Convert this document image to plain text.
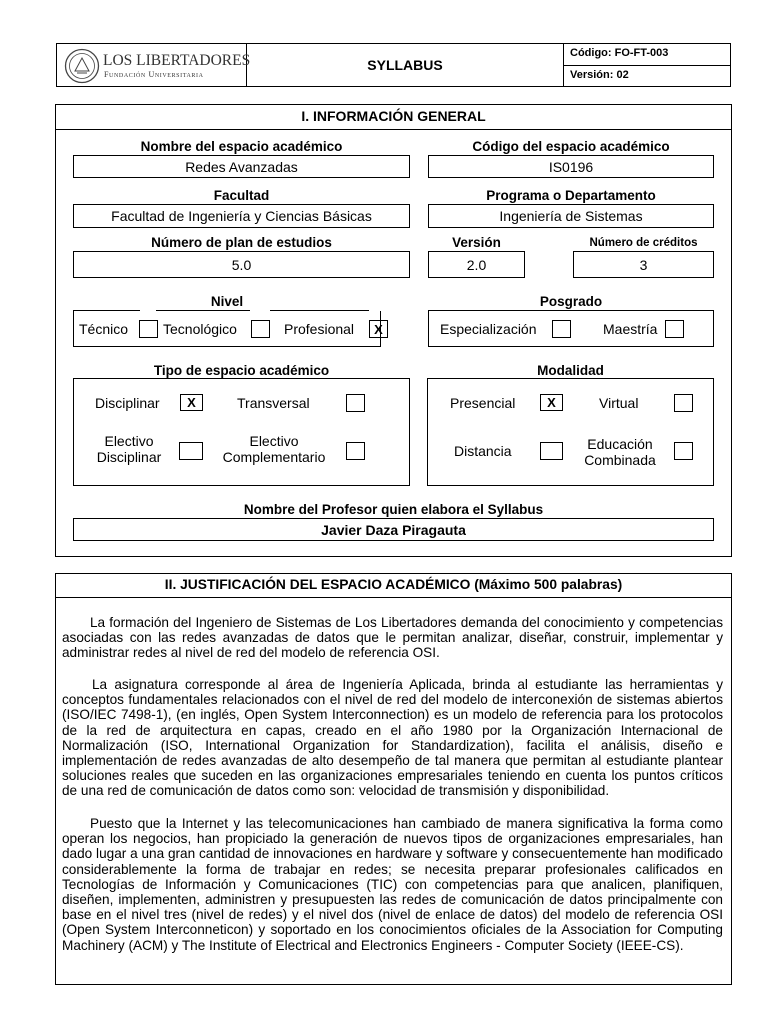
LOS LIBERTADORES
Fundación Universitaria
SYLLABUS
Código: FO-FT-003
Versión: 02
I. INFORMACIÓN GENERAL
Nombre del espacio académico
Redes Avanzadas
Código del espacio académico
IS0196
Facultad
Facultad de Ingeniería y Ciencias Básicas
Programa o Departamento
Ingeniería de Sistemas
Número de plan de estudios
5.0
Versión
2.0
Número de créditos
3
Nivel
Técnico Tecnológico	Profesional	X
Posgrado
Especialización	Maestría
Tipo de espacio académico
Disciplinar	X	Transversal
Electivo Disciplinar
Electivo Complementario
Modalidad
Presencial	X	Virtual
Distancia	Educación Combinada
Nombre del Profesor quien elabora el Syllabus
Javier Daza Piragauta
II. JUSTIFICACIÓN DEL ESPACIO ACADÉMICO (Máximo 500 palabras)

La formación del Ingeniero de Sistemas de Los Libertadores demanda del conocimiento y competencias asociadas con las redes avanzadas de datos que le permitan analizar, diseñar, construir, implementar y administrar redes al nivel de red del modelo de referencia OSI.

La asignatura corresponde al área de Ingeniería Aplicada, brinda al estudiante las herramientas y conceptos fundamentales relacionados con el nivel de red del modelo de interconexión de sistemas abiertos (ISO/IEC 7498-1), (en inglés, Open System Interconnection) es un modelo de referencia para los protocolos de la red de arquitectura en capas, creado en el año 1980 por la Organización Internacional de Normalización (ISO, International Organization for Standardization), facilita el análisis, diseño e implementación de redes avanzadas de alto desempeño de tal manera que permitan al estudiante plantear soluciones reales que suceden en las organizaciones empresariales teniendo en cuenta los puntos críticos de una red de comunicación de datos como son: velocidad de transmisión y disponibilidad.

Puesto que la Internet y las telecomunicaciones han cambiado de manera significativa la forma como operan los negocios, han propiciado la generación de nuevos tipos de organizaciones empresariales, han dado lugar a una gran cantidad de innovaciones en hardware y software y consecuentemente han modificado considerablemente la forma de trabajar en redes; se necesita preparar profesionales calificados en Tecnologías de Información y Comunicaciones (TIC) con competencias para que analicen, planifiquen, diseñen, implementen, administren y presupuesten las redes de comunicación de datos principalmente con base en el nivel tres (nivel de redes) y el nivel dos (nivel de enlace de datos) del modelo de referencia OSI (Open System Interconneticon) y soportado en los conocimientos oficiales de la Association for Computing Machinery (ACM) y The Institute of Electrical and Electronics Engineers - Computer Society (IEEE-CS).
